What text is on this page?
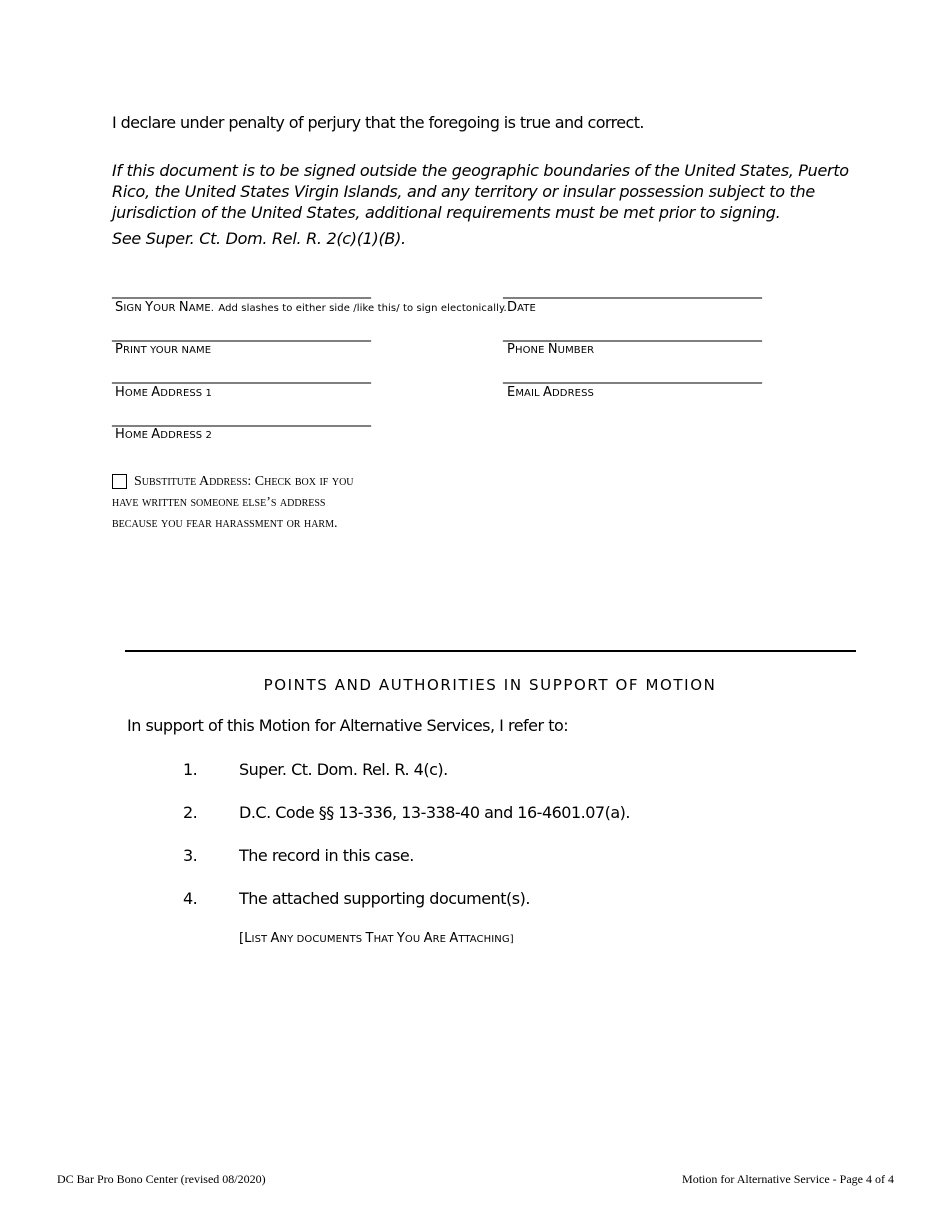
I declare under penalty of perjury that the foregoing is true and correct.
If this document is to be signed outside the geographic boundaries of the United States, Puerto
Rico, the United States Virgin Islands, and any territory or insular possession subject to the
jurisdiction of the United States, additional requirements must be met prior to signing.
See Super. Ct. Dom. Rel. R. 2(c)(1)(B).
_____________________________________	_____________________________________
SIGN YOUR NAME. Add slashes to either side /like this/ to sign electonically. DATE
_____________________________________	_____________________________________
PRINT YOUR NAME	PHONE NUMBER
_____________________________________	_____________________________________
HOME ADDRESS 1	EMAIL ADDRESS
_____________________________________
HOME ADDRESS 2
Substitute Address: Check box if you
have written someone else’s address
because you fear harassment or harm.
POINTS AND AUTHORITIES IN SUPPORT OF MOTION
In support of this Motion for Alternative Services, I refer to:
1.	Super. Ct. Dom. Rel. R. 4(c).
2.	D.C. Code §§ 13-336, 13-338-40 and 16-4601.07(a).
3.	The record in this case.
4.	The attached supporting document(s).
[LIST ANY DOCUMENTS THAT YOU ARE ATTACHING]
DC Bar Pro Bono Center (revised 08/2020)	Motion for Alternative Service - Page 4 of 4
